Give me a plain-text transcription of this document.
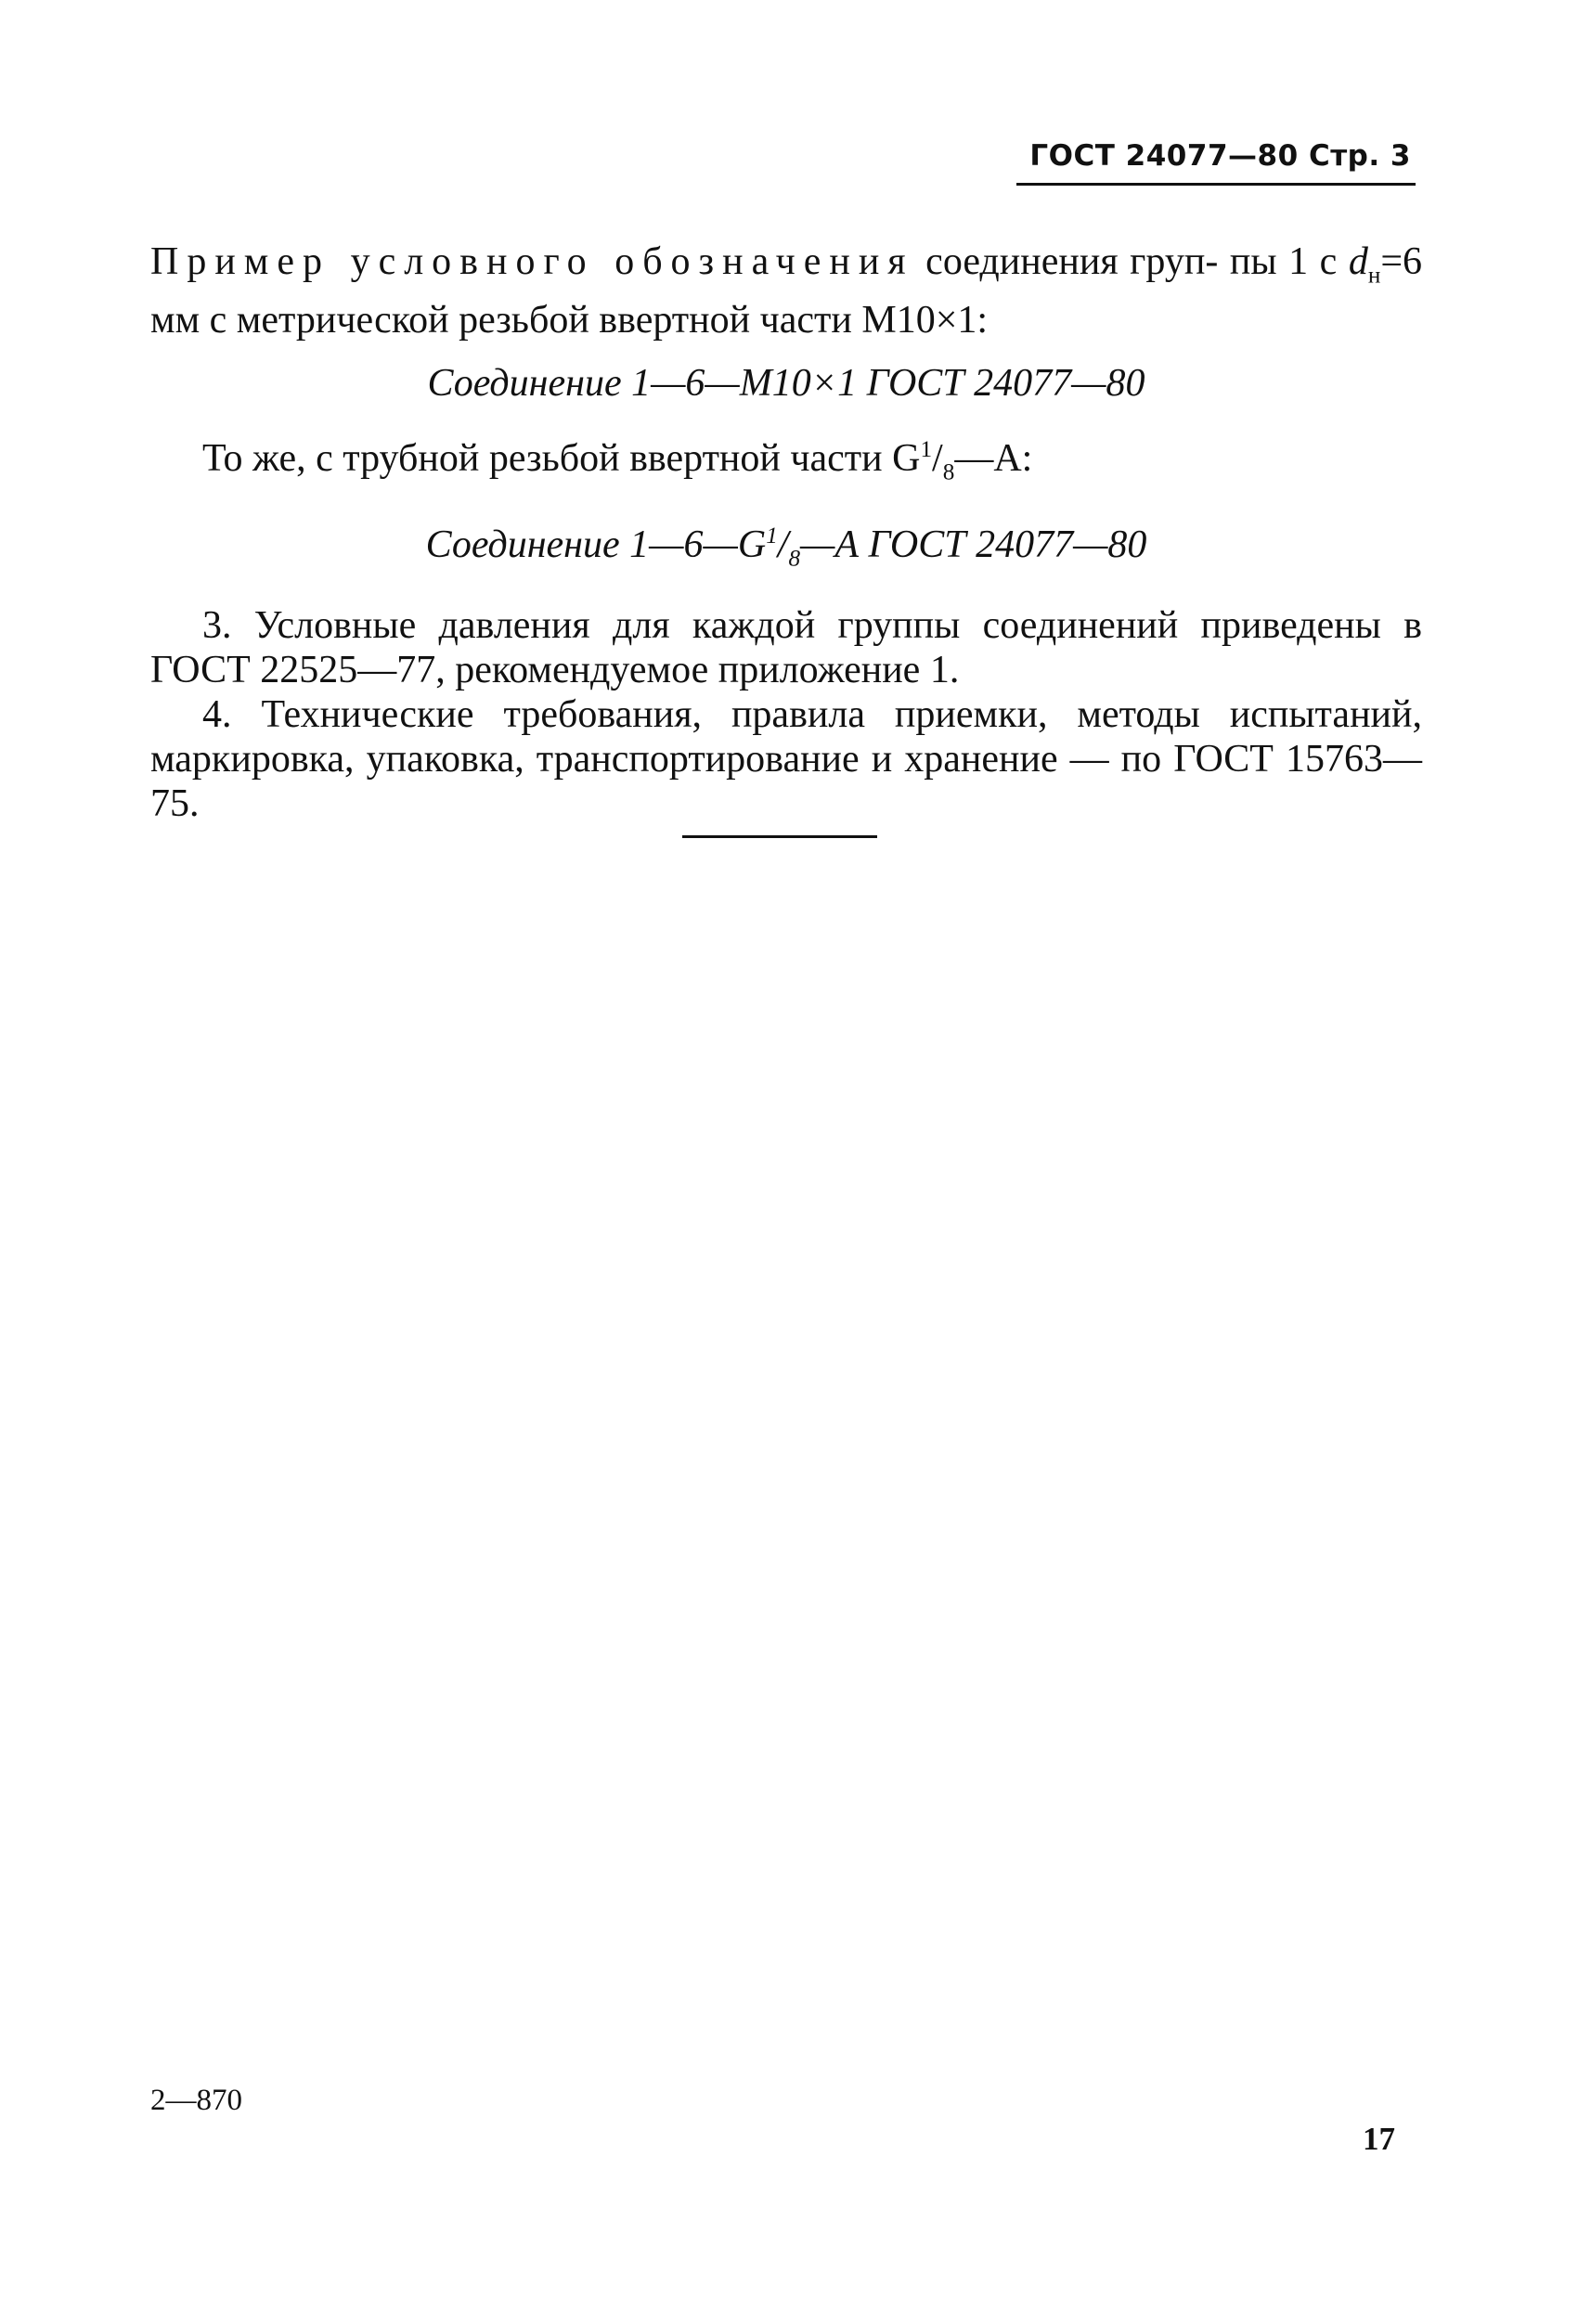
ГОСТ 24077—80 Стр. 3

Пример условного обозначения соединения груп- пы 1 с $d_н=6$ мм с метрической резьбой ввертной части М10×1:

Соединение 1—6—М10×1 ГОСТ 24077—80

То же, с трубной резьбой ввертной части $G^1/_8—А$:

Соединение $1—6—G^1/_8—А$ ГОСТ 24077—80

3. Условные давления для каждой группы соединений приведены в ГОСТ 22525—77, рекомендуемое приложение 1.

4. Технические требования, правила приемки, методы испытаний, маркировка, упаковка, транспортирование и хранение — по ГОСТ 15763—75.

2—870
17
